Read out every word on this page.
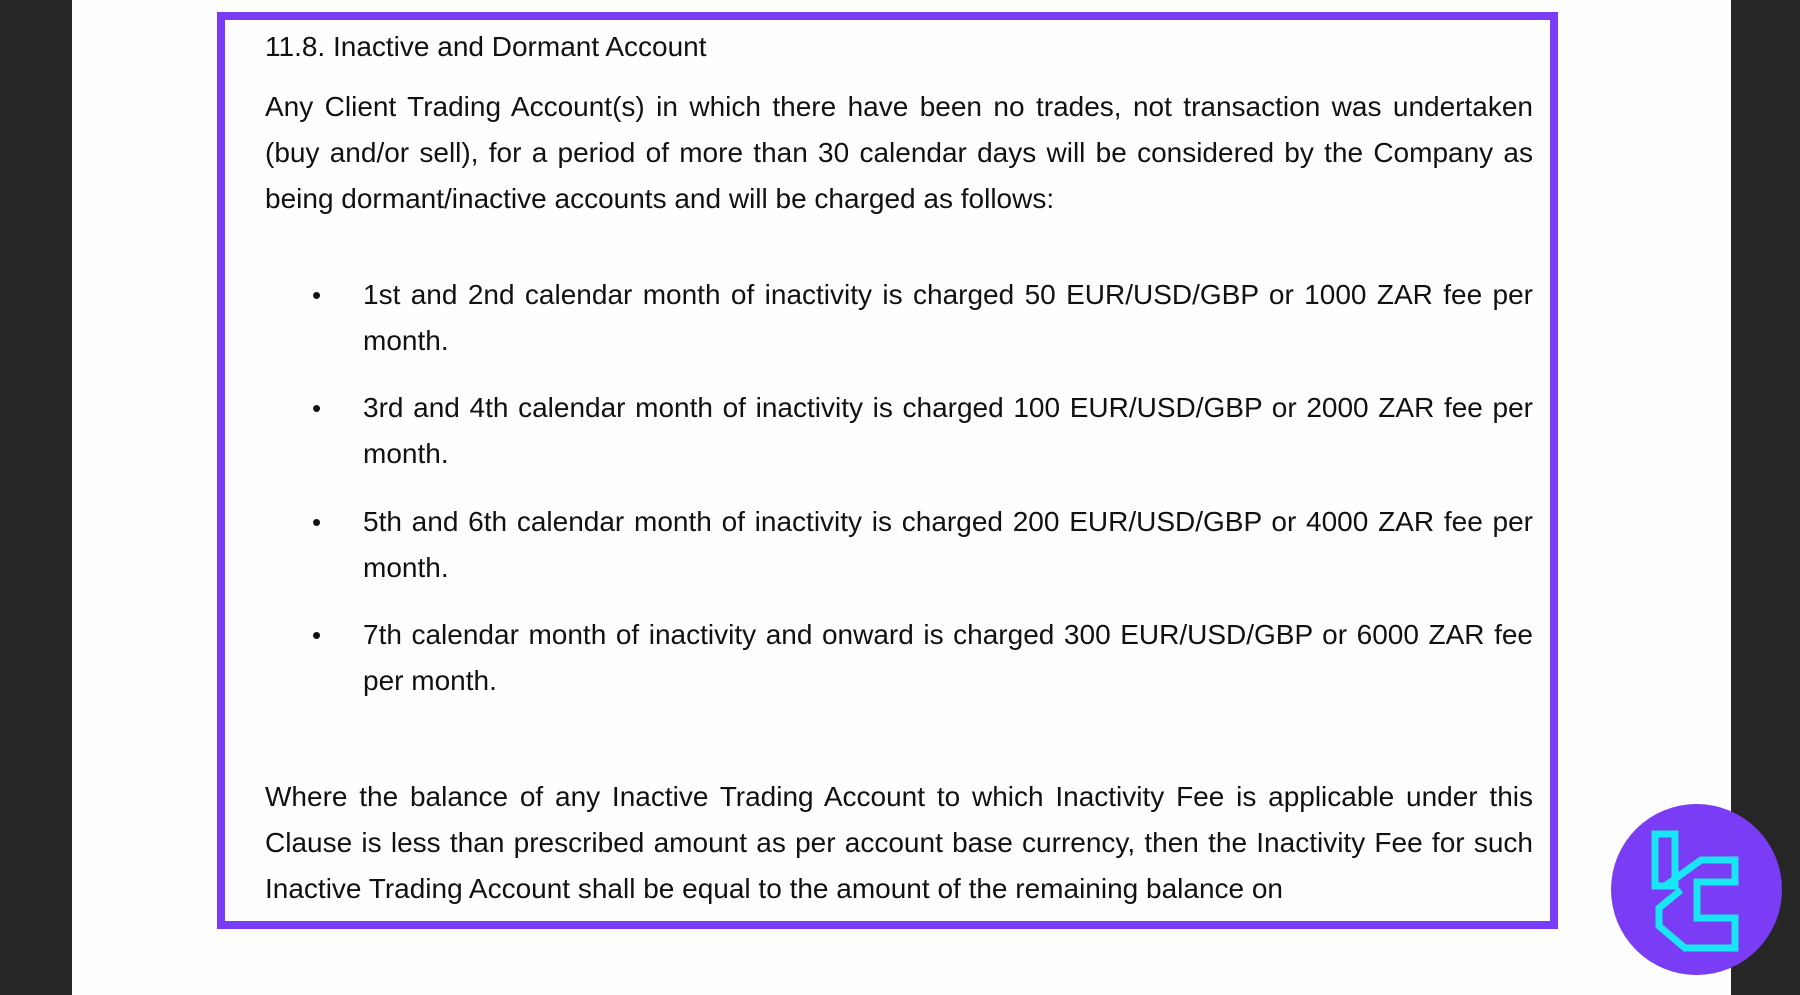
11.8. Inactive and Dormant Account

Any Client Trading Account(s) in which there have been no trades, not transaction was undertaken (buy and/or sell), for a period of more than 30 calendar days will be considered by the Company as being dormant/inactive accounts and will be charged as follows:

• 1st and 2nd calendar month of inactivity is charged 50 EUR/USD/GBP or 1000 ZAR fee per month.
• 3rd and 4th calendar month of inactivity is charged 100 EUR/USD/GBP or 2000 ZAR fee per month.
• 5th and 6th calendar month of inactivity is charged 200 EUR/USD/GBP or 4000 ZAR fee per month.
• 7th calendar month of inactivity and onward is charged 300 EUR/USD/GBP or 6000 ZAR fee per month.

Where the balance of any Inactive Trading Account to which Inactivity Fee is applicable under this Clause is less than prescribed amount as per account base currency, then the Inactivity Fee for such Inactive Trading Account shall be equal to the amount of the remaining balance on
